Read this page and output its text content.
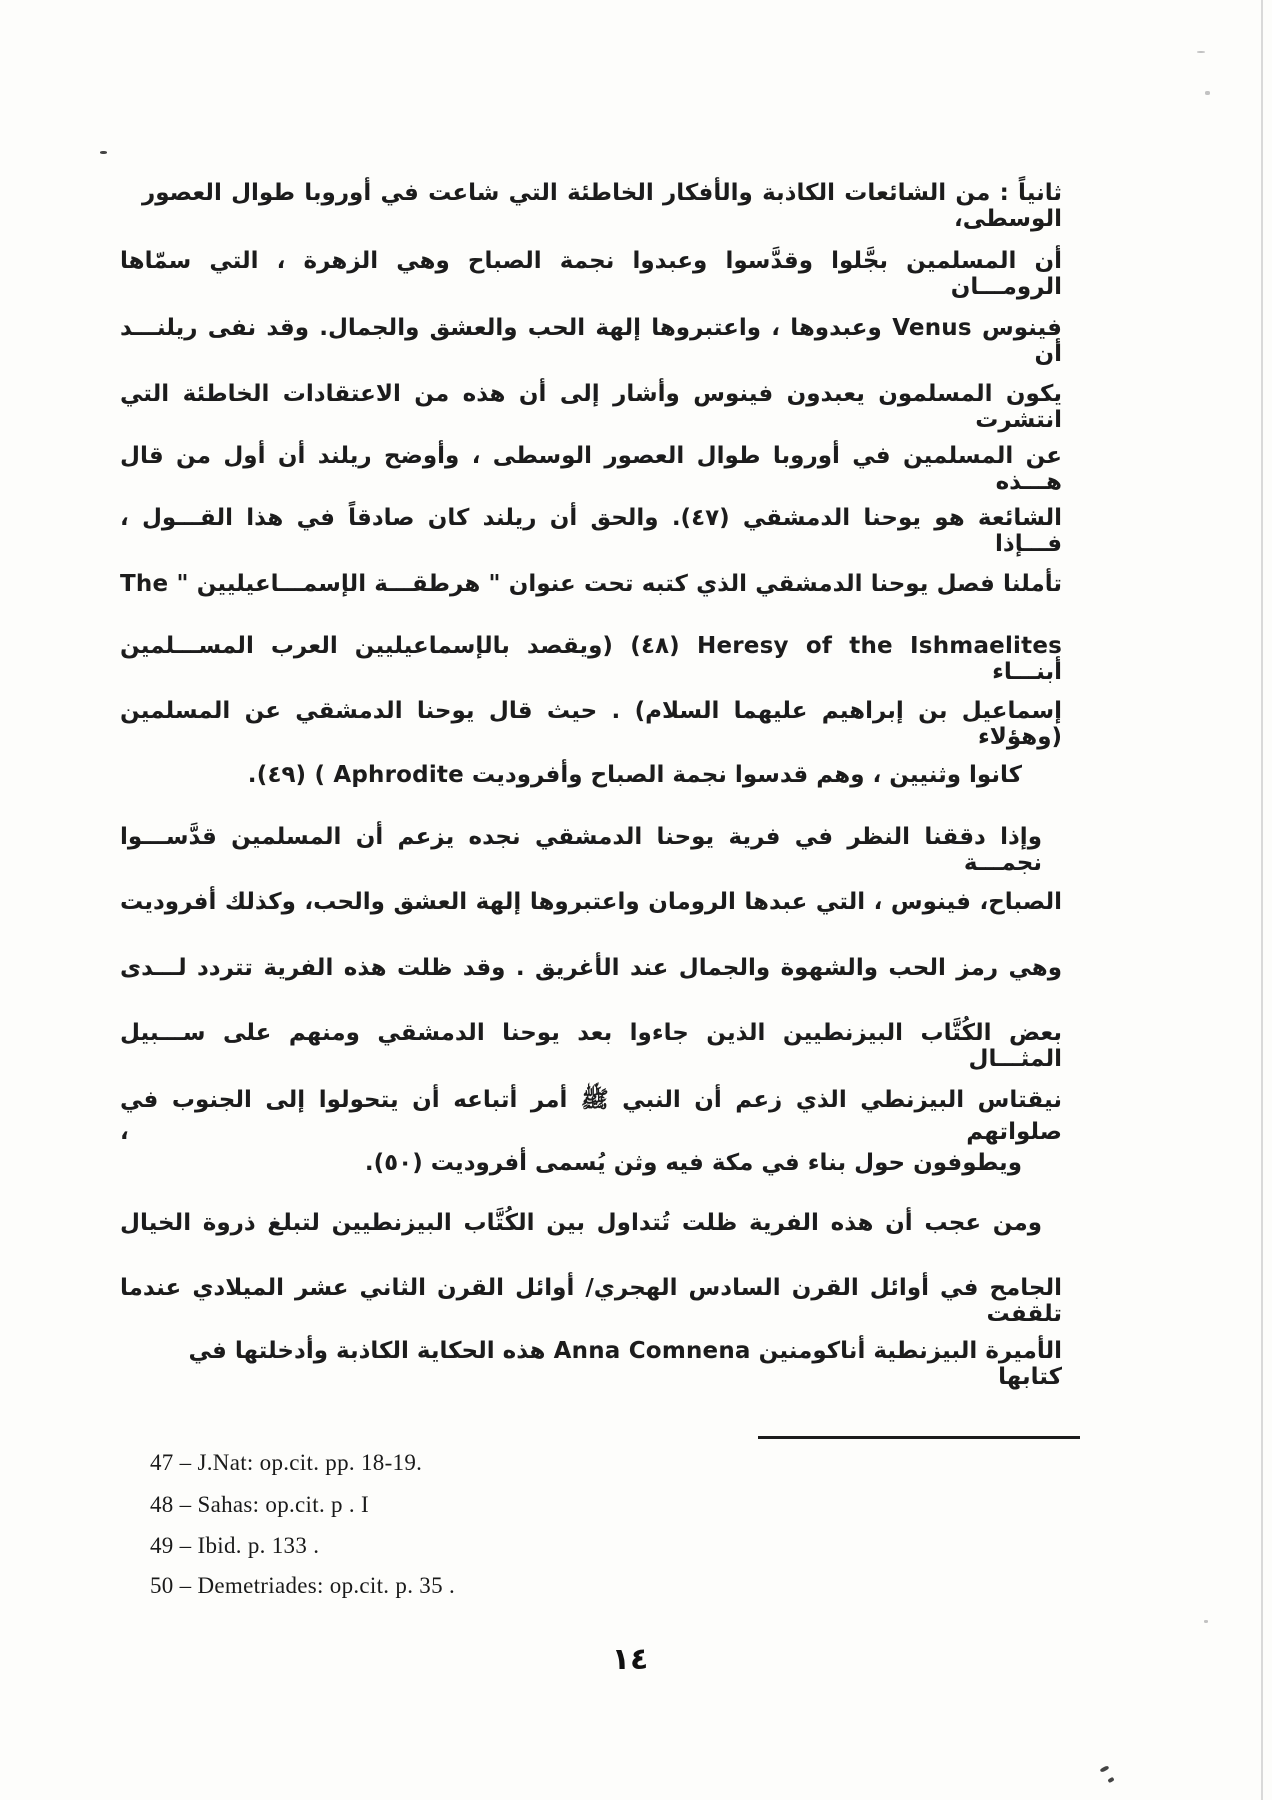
ثانياً : من الشائعات الكاذبة والأفكار الخاطئة التي شاعت في أوروبا طوال العصور الوسطى،
أن المسلمين بجَّلوا وقدَّسوا وعبدوا نجمة الصباح وهي الزهرة ، التي سمّاها الرومـــان
فينوس Venus وعبدوها ، واعتبروها إلهة الحب والعشق والجمال. وقد نفى ريلنـــد أن
يكون المسلمون يعبدون فينوس وأشار إلى أن هذه من الاعتقادات الخاطئة التي انتشرت
عن المسلمين في أوروبا طوال العصور الوسطى ، وأوضح ريلند أن أول من قال هـــذه
الشائعة هو يوحنا الدمشقي (٤٧). والحق أن ريلند كان صادقاً في هذا القـــول ، فـــإذا
تأملنا فصل يوحنا الدمشقي الذي كتبه تحت عنوان " هرطقـــة الإسمـــاعيليين " The
Heresy of the Ishmaelites (٤٨) (ويقصد بالإسماعيليين العرب المســـلمين أبنـــاء
إسماعيل بن إبراهيم عليهما السلام) . حيث قال يوحنا الدمشقي عن المسلمين (وهؤلاء
كانوا وثنيين ، وهم قدسوا نجمة الصباح وأفروديت Aphrodite ) (٤٩).
وإذا دققنا النظر في فرية يوحنا الدمشقي نجده يزعم أن المسلمين قدَّســـوا نجمـــة
الصباح، فينوس ، التي عبدها الرومان واعتبروها إلهة العشق والحب، وكذلك أفروديت
وهي رمز الحب والشهوة والجمال عند الأغريق . وقد ظلت هذه الفرية تتردد لـــدى
بعض الكُتَّاب البيزنطيين الذين جاءوا بعد يوحنا الدمشقي ومنهم على ســـبيل المثـــال
نيقتاس البيزنطي الذي زعم أن النبي ﷺ أمر أتباعه أن يتحولوا إلى الجنوب في صلواتهم ،
ويطوفون حول بناء في مكة فيه وثن يُسمى أفروديت (٥٠).
ومن عجب أن هذه الفرية ظلت تُتداول بين الكُتَّاب البيزنطيين لتبلغ ذروة الخيال
الجامح في أوائل القرن السادس الهجري/ أوائل القرن الثاني عشر الميلادي عندما تلقفت
الأميرة البيزنطية أناكومنين Anna Comnena هذه الحكاية الكاذبة وأدخلتها في كتابها
47 – J.Nat: op.cit. pp. 18-19.
48 – Sahas: op.cit. p . I
49 – Ibid. p. 133 .
50 – Demetriades: op.cit. p. 35 .
١٤
